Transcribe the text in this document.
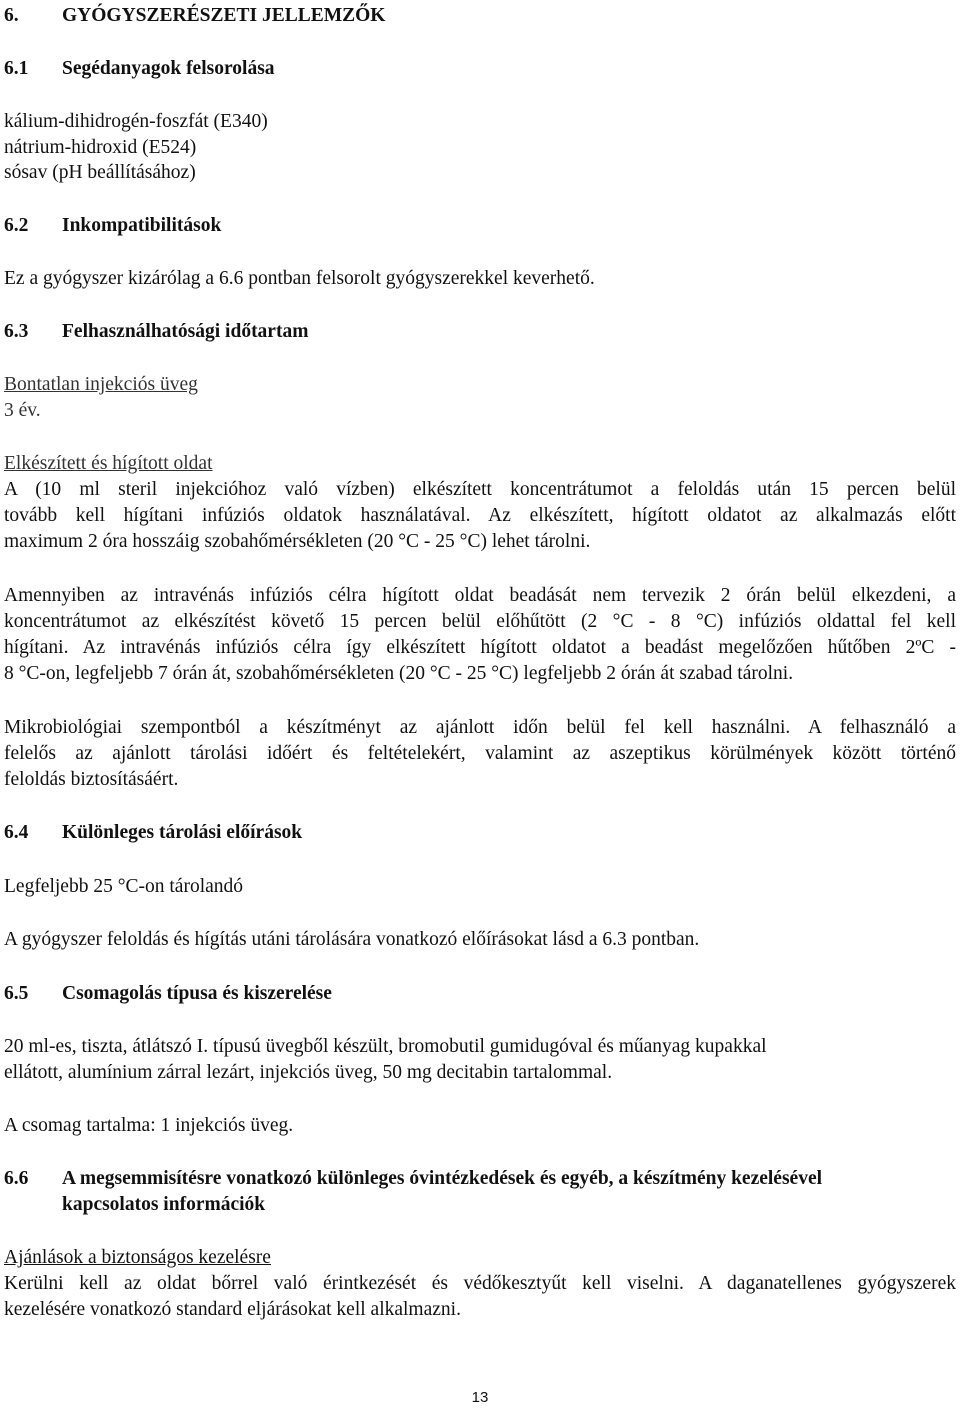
6. GYÓGYSZERÉSZETI JELLEMZŐK
6.1 Segédanyagok felsorolása
kálium-dihidrogén-foszfát (E340)
nátrium-hidroxid (E524)
sósav (pH beállításához)
6.2 Inkompatibilitások
Ez a gyógyszer kizárólag a 6.6 pontban felsorolt gyógyszerekkel keverhető.
6.3 Felhasználhatósági időtartam
Bontatlan injekciós üveg
3 év.
Elkészített és hígított oldat
A (10 ml steril injekcióhoz való vízben) elkészített koncentrátumot a feloldás után 15 percen belül
tovább kell hígítani infúziós oldatok használatával. Az elkészített, hígított oldatot az alkalmazás előtt
maximum 2 óra hosszáig szobahőmérsékleten (20 °C - 25 °C) lehet tárolni.
Amennyiben az intravénás infúziós célra hígított oldat beadását nem tervezik 2 órán belül elkezdeni, a
koncentrátumot az elkészítést követő 15 percen belül előhűtött (2 °C - 8 °C) infúziós oldattal fel kell
hígítani. Az intravénás infúziós célra így elkészített hígított oldatot a beadást megelőzően hűtőben 2ºC -
8 °C-on, legfeljebb 7 órán át, szobahőmérsékleten (20 °C - 25 °C) legfeljebb 2 órán át szabad tárolni.
Mikrobiológiai szempontból a készítményt az ajánlott időn belül fel kell használni. A felhasználó a
felelős az ajánlott tárolási időért és feltételekért, valamint az aszeptikus körülmények között történő
feloldás biztosításáért.
6.4 Különleges tárolási előírások
Legfeljebb 25 °C-on tárolandó
A gyógyszer feloldás és hígítás utáni tárolására vonatkozó előírásokat lásd a 6.3 pontban.
6.5 Csomagolás típusa és kiszerelése
20 ml-es, tiszta, átlátszó I. típusú üvegből készült, bromobutil gumidugóval és műanyag kupakkal
ellátott, alumínium zárral lezárt, injekciós üveg, 50 mg decitabin tartalommal.
A csomag tartalma: 1 injekciós üveg.
6.6 A megsemmisítésre vonatkozó különleges óvintézkedések és egyéb, a készítmény kezelésével
kapcsolatos információk
Ajánlások a biztonságos kezelésre
Kerülni kell az oldat bőrrel való érintkezését és védőkesztyűt kell viselni. A daganatellenes gyógyszerek
kezelésére vonatkozó standard eljárásokat kell alkalmazni.
13
